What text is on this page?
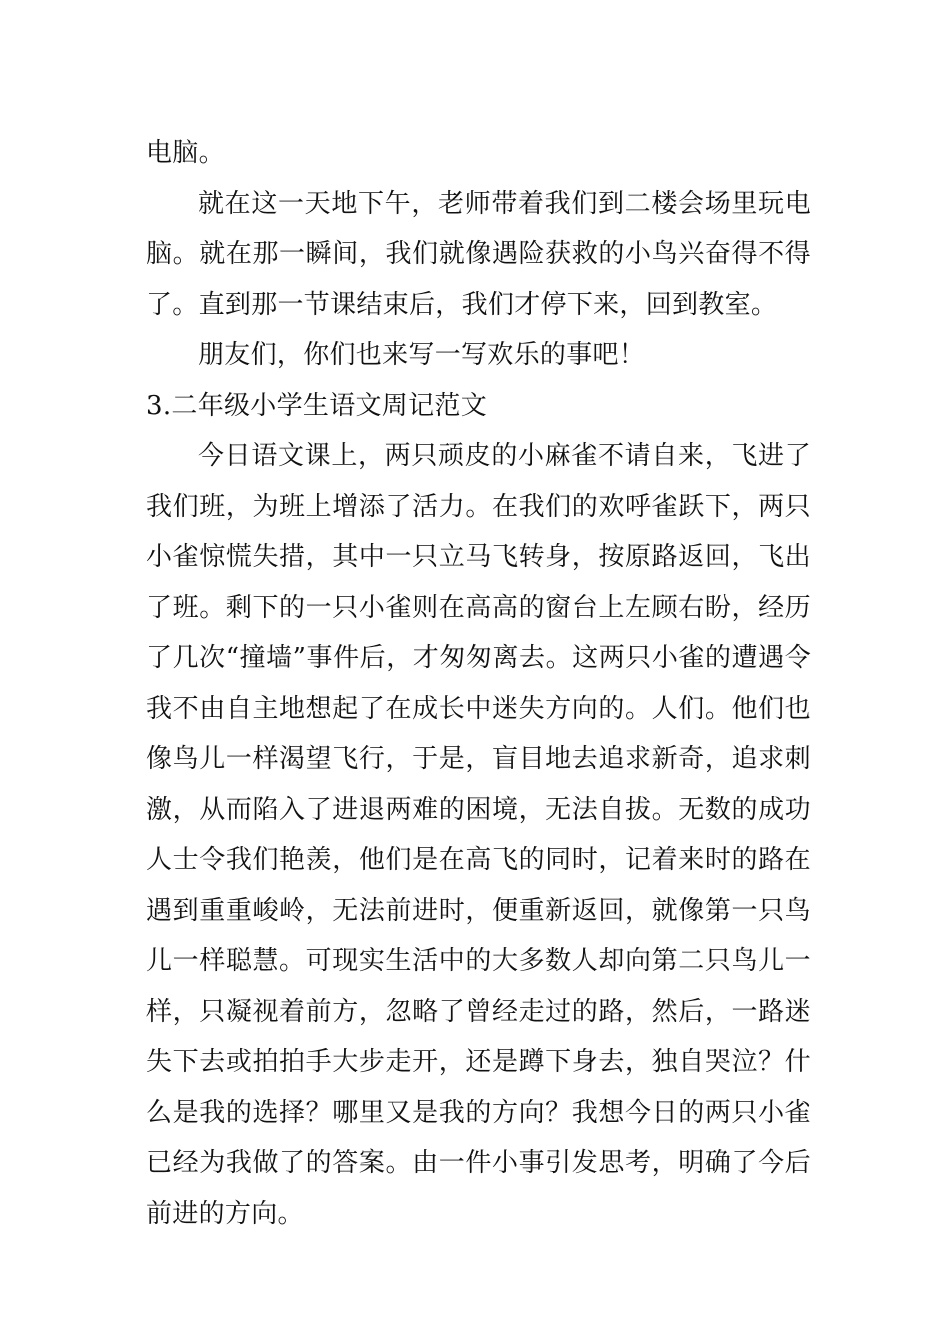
电脑。

就在这一天地下午，老师带着我们到二楼会场里玩电脑。就在那一瞬间，我们就像遇险获救的小鸟兴奋得不得了。直到那一节课结束后，我们才停下来，回到教室。

朋友们，你们也来写一写欢乐的事吧！

3.二年级小学生语文周记范文

今日语文课上，两只顽皮的小麻雀不请自来，飞进了我们班，为班上增添了活力。在我们的欢呼雀跃下，两只小雀惊慌失措，其中一只立马飞转身，按原路返回，飞出了班。剩下的一只小雀则在高高的窗台上左顾右盼，经历了几次“撞墙”事件后，才匆匆离去。这两只小雀的遭遇令我不由自主地想起了在成长中迷失方向的。人们。他们也像鸟儿一样渴望飞行，于是，盲目地去追求新奇，追求刺激，从而陷入了进退两难的困境，无法自拔。无数的成功人士令我们艳羡，他们是在高飞的同时，记着来时的路在遇到重重峻岭，无法前进时，便重新返回，就像第一只鸟儿一样聪慧。可现实生活中的大多数人却向第二只鸟儿一样，只凝视着前方，忽略了曾经走过的路，然后，一路迷失下去或拍拍手大步走开，还是蹲下身去，独自哭泣？什么是我的选择？哪里又是我的方向？我想今日的两只小雀已经为我做了的答案。由一件小事引发思考，明确了今后前进的方向。
